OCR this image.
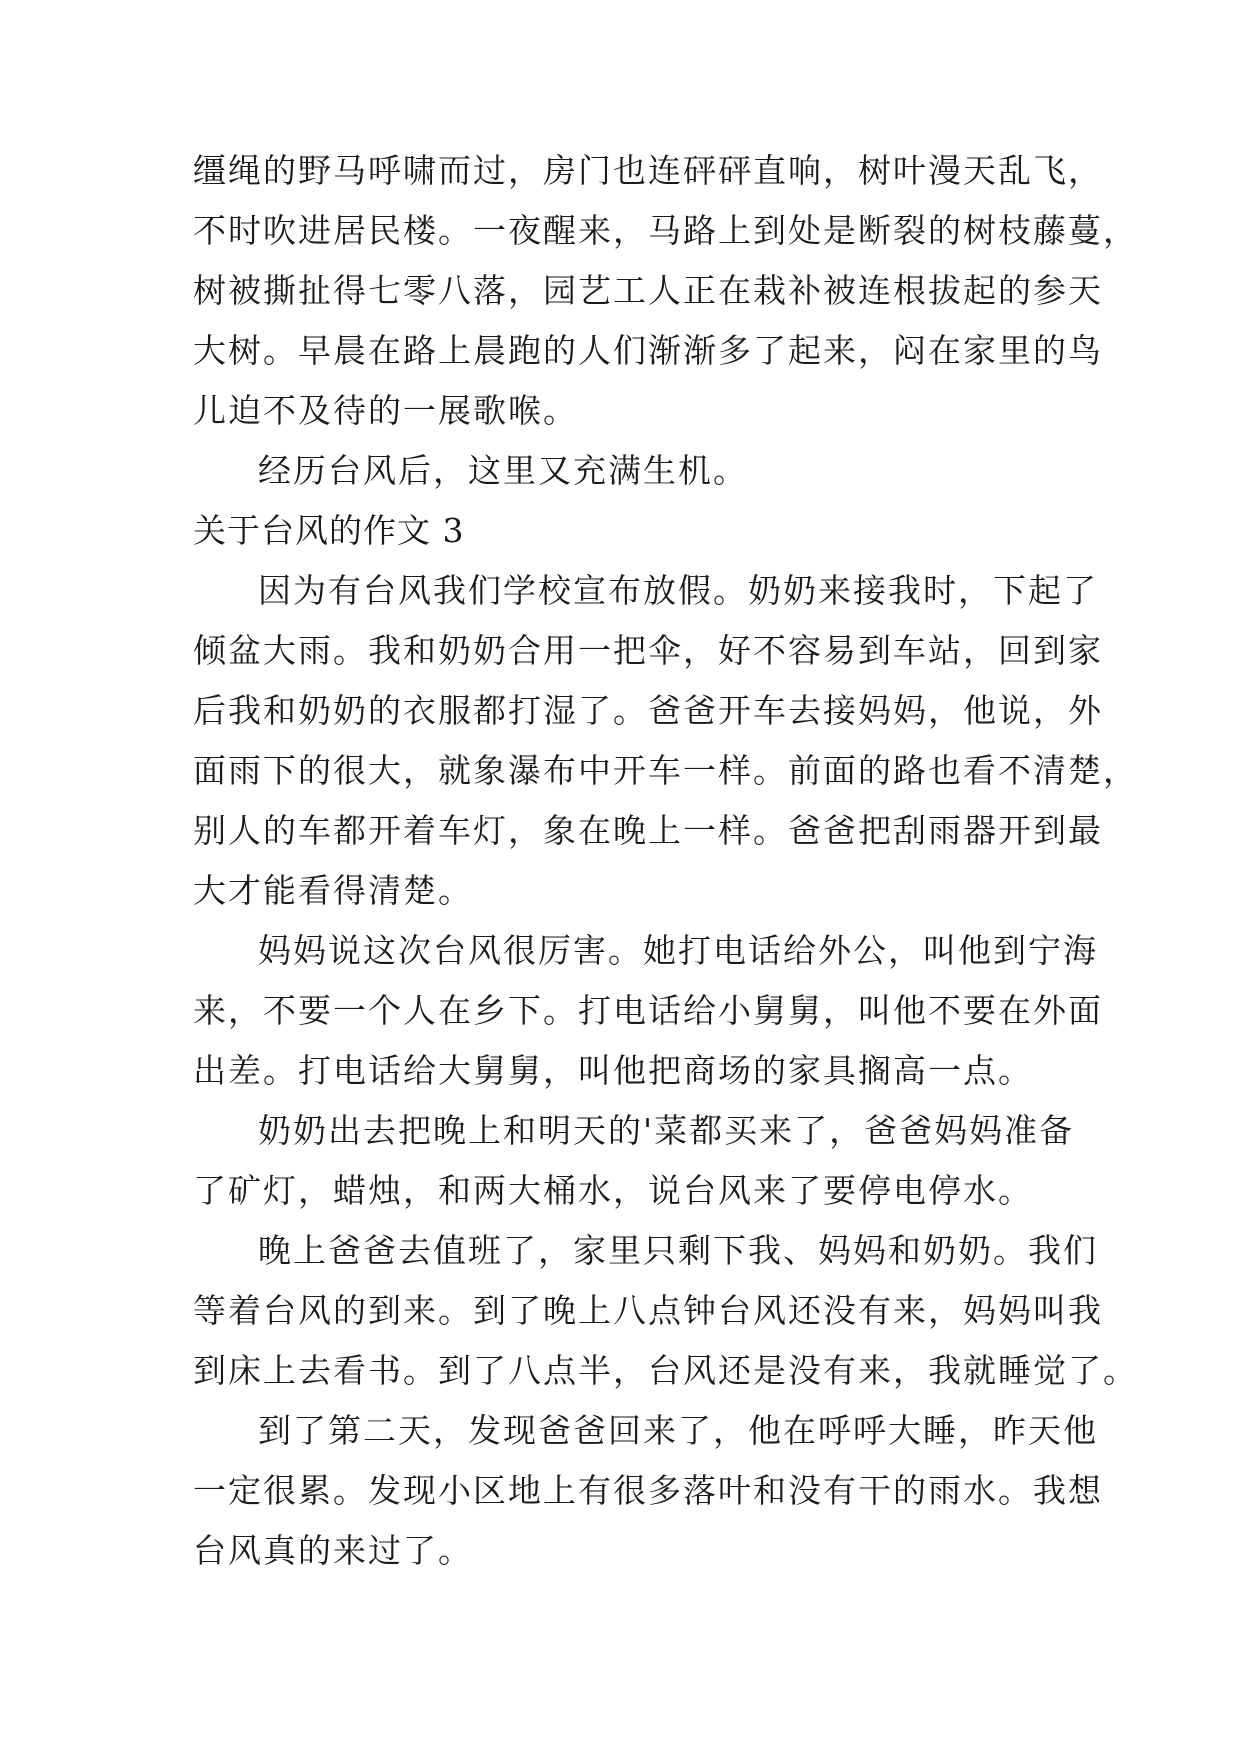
缰绳的野马呼啸而过，房门也连砰砰直响，树叶漫天乱飞，
不时吹进居民楼。一夜醒来，马路上到处是断裂的树枝藤蔓，
树被撕扯得七零八落，园艺工人正在栽补被连根拔起的参天
大树。早晨在路上晨跑的人们渐渐多了起来，闷在家里的鸟
儿迫不及待的一展歌喉。
经历台风后，这里又充满生机。
关于台风的作文 3
因为有台风我们学校宣布放假。奶奶来接我时，下起了
倾盆大雨。我和奶奶合用一把伞，好不容易到车站，回到家
后我和奶奶的衣服都打湿了。爸爸开车去接妈妈，他说，外
面雨下的很大，就象瀑布中开车一样。前面的路也看不清楚，
别人的车都开着车灯，象在晚上一样。爸爸把刮雨器开到最
大才能看得清楚。
妈妈说这次台风很厉害。她打电话给外公，叫他到宁海
来，不要一个人在乡下。打电话给小舅舅，叫他不要在外面
出差。打电话给大舅舅，叫他把商场的家具搁高一点。
奶奶出去把晚上和明天的'菜都买来了，爸爸妈妈准备
了矿灯，蜡烛，和两大桶水，说台风来了要停电停水。
晚上爸爸去值班了，家里只剩下我、妈妈和奶奶。我们
等着台风的到来。到了晚上八点钟台风还没有来，妈妈叫我
到床上去看书。到了八点半，台风还是没有来，我就睡觉了。
到了第二天，发现爸爸回来了，他在呼呼大睡，昨天他
一定很累。发现小区地上有很多落叶和没有干的雨水。我想
台风真的来过了。
